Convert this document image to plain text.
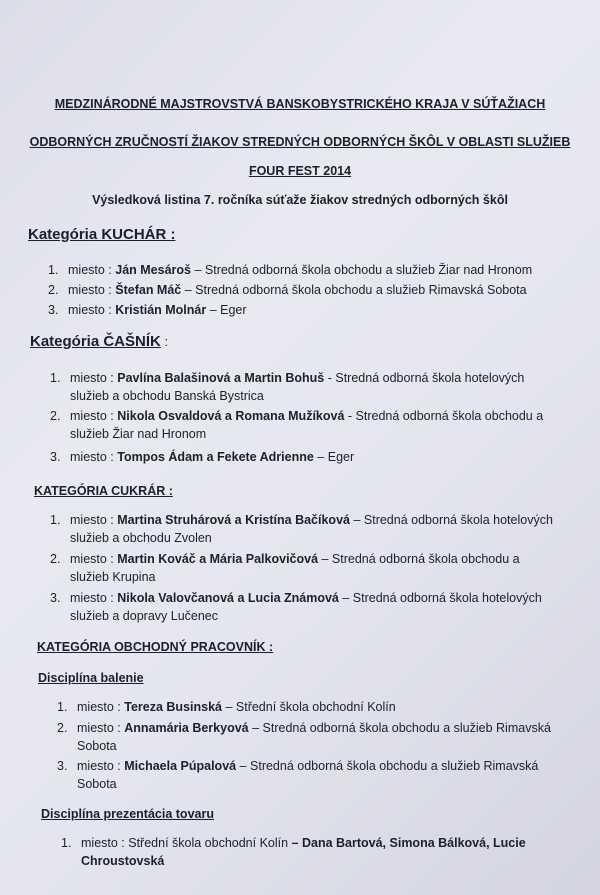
MEDZINÁRODNÉ MAJSTROVSTVÁ BANSKOBYSTRICKÉHO KRAJA V SÚŤAŽIACH
ODBORNÝCH ZRUČNOSTÍ ŽIAKOV STREDNÝCH ODBORNÝCH ŠKÔL V OBLASTI SLUŽIEB
FOUR FEST 2014
Výsledková listina 7. ročníka súťaže žiakov stredných odborných škôl
Kategória KUCHÁR :
1. miesto : Ján Mesároš – Stredná odborná škola obchodu a služieb Žiar nad Hronom
2. miesto : Štefan Máč – Stredná odborná škola obchodu a služieb Rimavská Sobota
3. miesto : Kristián Molnár – Eger
Kategória ČAŠNÍK :
1. miesto : Pavlína Balašinová a Martin Bohuš - Stredná odborná škola hotelových služieb a obchodu Banská Bystrica
2. miesto : Nikola Osvaldová a Romana Mužíková - Stredná odborná škola obchodu a služieb Žiar nad Hronom
3. miesto : Tompos Ádam a Fekete Adrienne – Eger
KATEGÓRIA CUKRÁR :
1. miesto : Martina Struhárová a Kristína Bačíková – Stredná odborná škola hotelových služieb a obchodu Zvolen
2. miesto : Martin Kováč a Mária Palkovičová – Stredná odborná škola obchodu a služieb Krupina
3. miesto : Nikola Valovčanová a Lucia Známová – Stredná odborná škola hotelových služieb a dopravy Lučenec
KATEGÓRIA OBCHODNÝ PRACOVNÍK :
Disciplína balenie
1. miesto : Tereza Businská – Střední škola obchodní Kolín
2. miesto : Annamária Berkyová – Stredná odborná škola obchodu a služieb Rimavská Sobota
3. miesto : Michaela Púpalová – Stredná odborná škola obchodu a služieb Rimavská Sobota
Disciplína prezentácia tovaru
1. miesto : Střední škola obchodní Kolín – Dana Bartová, Simona Bálková, Lucie Chroustovská
